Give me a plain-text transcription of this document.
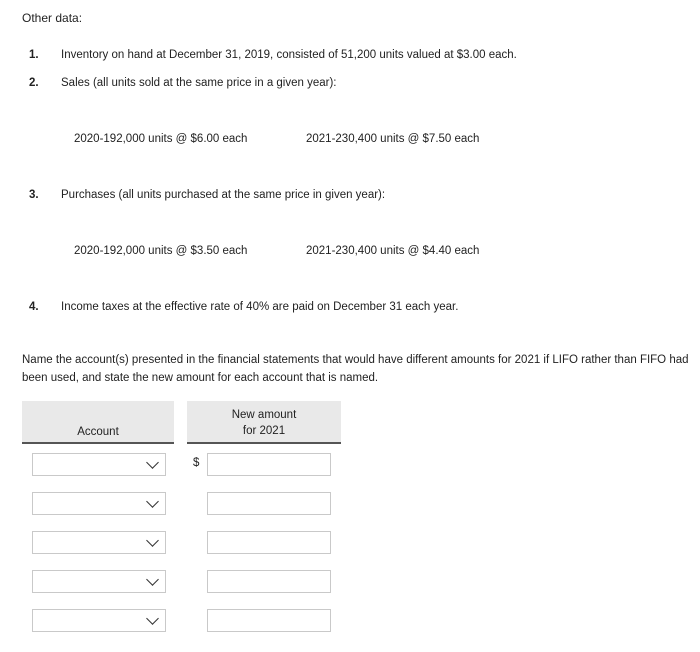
Other data:
1. Inventory on hand at December 31, 2019, consisted of 51,200 units valued at $3.00 each.
2. Sales (all units sold at the same price in a given year):
2020-192,000 units @ $6.00 each	2021-230,400 units @ $7.50 each
3. Purchases (all units purchased at the same price in given year):
2020-192,000 units @ $3.50 each	2021-230,400 units @ $4.40 each
4. Income taxes at the effective rate of 40% are paid on December 31 each year.
Name the account(s) presented in the financial statements that would have different amounts for 2021 if LIFO rather than FIFO had been used, and state the new amount for each account that is named.
Account
New amount
for 2021
$
